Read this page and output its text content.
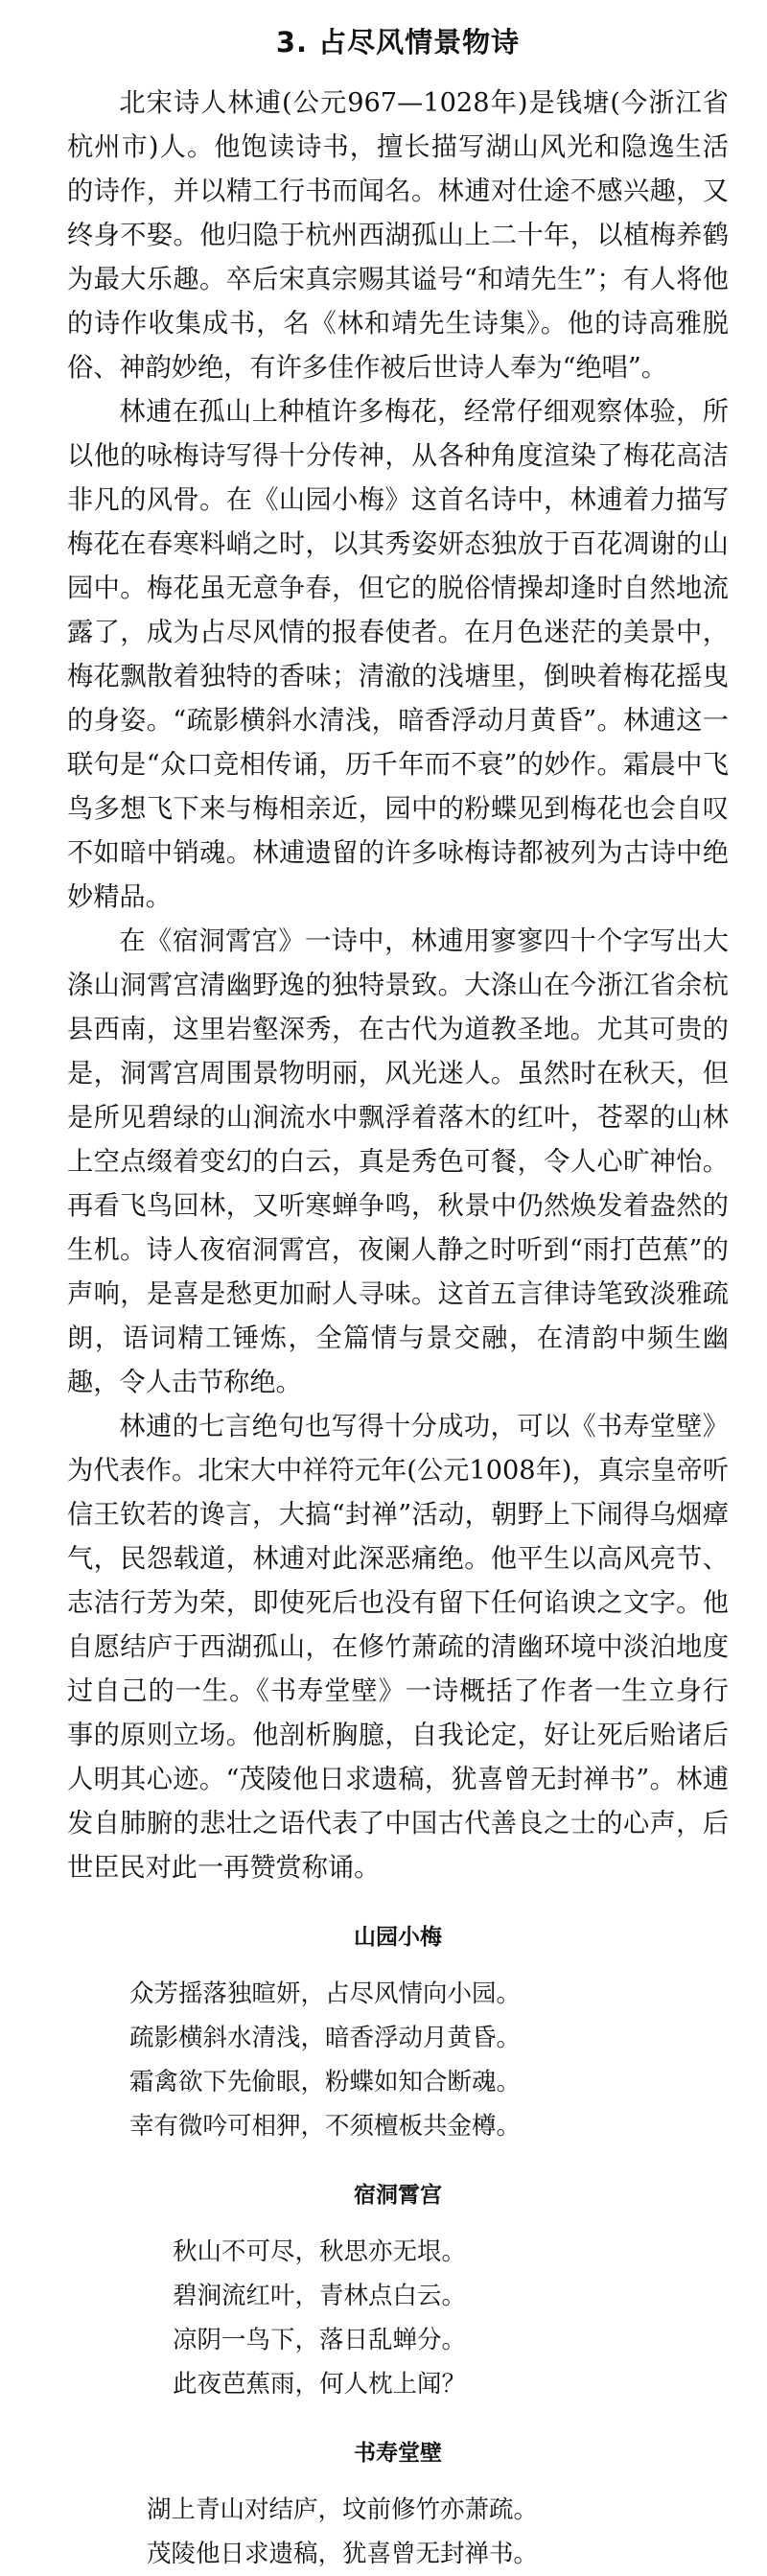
3. 占尽风情景物诗

北宋诗人林逋(公元967—1028年)是钱塘(今浙江省杭州市)人。他饱读诗书，擅长描写湖山风光和隐逸生活的诗作，并以精工行书而闻名。林逋对仕途不感兴趣，又终身不娶。他归隐于杭州西湖孤山上二十年，以植梅养鹤为最大乐趣。卒后宋真宗赐其谥号“和靖先生”；有人将他的诗作收集成书，名《林和靖先生诗集》。他的诗高雅脱俗、神韵妙绝，有许多佳作被后世诗人奉为“绝唱”。

林逋在孤山上种植许多梅花，经常仔细观察体验，所以他的咏梅诗写得十分传神，从各种角度渲染了梅花高洁非凡的风骨。在《山园小梅》这首名诗中，林逋着力描写梅花在春寒料峭之时，以其秀姿妍态独放于百花凋谢的山园中。梅花虽无意争春，但它的脱俗情操却逢时自然地流露了，成为占尽风情的报春使者。在月色迷茫的美景中，梅花飘散着独特的香味；清澈的浅塘里，倒映着梅花摇曳的身姿。“疏影横斜水清浅，暗香浮动月黄昏”。林逋这一联句是“众口竞相传诵，历千年而不衰”的妙作。霜晨中飞鸟多想飞下来与梅相亲近，园中的粉蝶见到梅花也会自叹不如暗中销魂。林逋遗留的许多咏梅诗都被列为古诗中绝妙精品。

在《宿洞霄宫》一诗中，林逋用寥寥四十个字写出大涤山洞霄宫清幽野逸的独特景致。大涤山在今浙江省余杭县西南，这里岩壑深秀，在古代为道教圣地。尤其可贵的是，洞霄宫周围景物明丽，风光迷人。虽然时在秋天，但是所见碧绿的山涧流水中飘浮着落木的红叶，苍翠的山林上空点缀着变幻的白云，真是秀色可餐，令人心旷神怡。再看飞鸟回林，又听寒蝉争鸣，秋景中仍然焕发着盎然的生机。诗人夜宿洞霄宫，夜阑人静之时听到“雨打芭蕉”的声响，是喜是愁更加耐人寻味。这首五言律诗笔致淡雅疏朗，语词精工锤炼，全篇情与景交融，在清韵中频生幽趣，令人击节称绝。

林逋的七言绝句也写得十分成功，可以《书寿堂壁》为代表作。北宋大中祥符元年(公元1008年)，真宗皇帝听信王钦若的谗言，大搞“封禅”活动，朝野上下闹得乌烟瘴气，民怨载道，林逋对此深恶痛绝。他平生以高风亮节、志洁行芳为荣，即使死后也没有留下任何谄谀之文字。他自愿结庐于西湖孤山，在修竹萧疏的清幽环境中淡泊地度过自己的一生。《书寿堂壁》一诗概括了作者一生立身行事的原则立场。他剖析胸臆，自我论定，好让死后贻诸后人明其心迹。“茂陵他日求遗稿，犹喜曾无封禅书”。林逋发自肺腑的悲壮之语代表了中国古代善良之士的心声，后世臣民对此一再赞赏称诵。

山园小梅
众芳摇落独暄妍，占尽风情向小园。
疏影横斜水清浅，暗香浮动月黄昏。
霜禽欲下先偷眼，粉蝶如知合断魂。
幸有微吟可相狎，不须檀板共金樽。
宿洞霄宫
秋山不可尽，秋思亦无垠。
碧涧流红叶，青林点白云。
凉阴一鸟下，落日乱蝉分。
此夜芭蕉雨，何人枕上闻？
书寿堂壁
湖上青山对结庐，坟前修竹亦萧疏。
茂陵他日求遗稿，犹喜曾无封禅书。
